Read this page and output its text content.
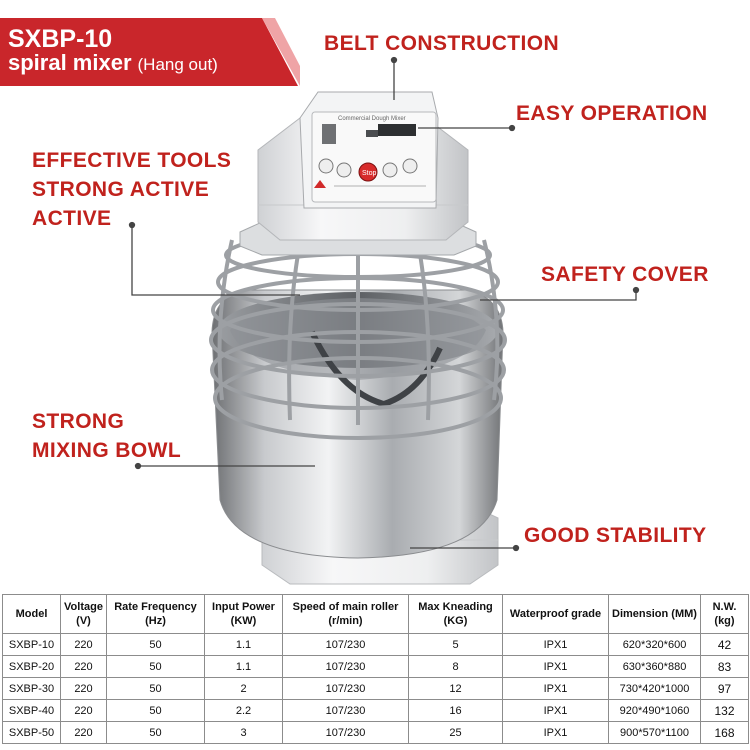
SXBP-10
spiral mixer (Hang out)
Commercial Dough Mixer
Stop
BELT CONSTRUCTION
EASY OPERATION
EFFECTIVE TOOLS
STRONG ACTIVE
ACTIVE
SAFETY COVER
STRONG
MIXING BOWL
GOOD STABILITY
Model	Voltage (V)	Rate Frequency (Hz)	Input Power (KW)	Speed of main roller (r/min)	Max Kneading (KG)	Waterproof grade	Dimension (MM)	N.W. (kg)
SXBP-10	220	50	1.1	107/230	5	IPX1	620*320*600	42
SXBP-20	220	50	1.1	107/230	8	IPX1	630*360*880	83
SXBP-30	220	50	2	107/230	12	IPX1	730*420*1000	97
SXBP-40	220	50	2.2	107/230	16	IPX1	920*490*1060	132
SXBP-50	220	50	3	107/230	25	IPX1	900*570*1100	168
